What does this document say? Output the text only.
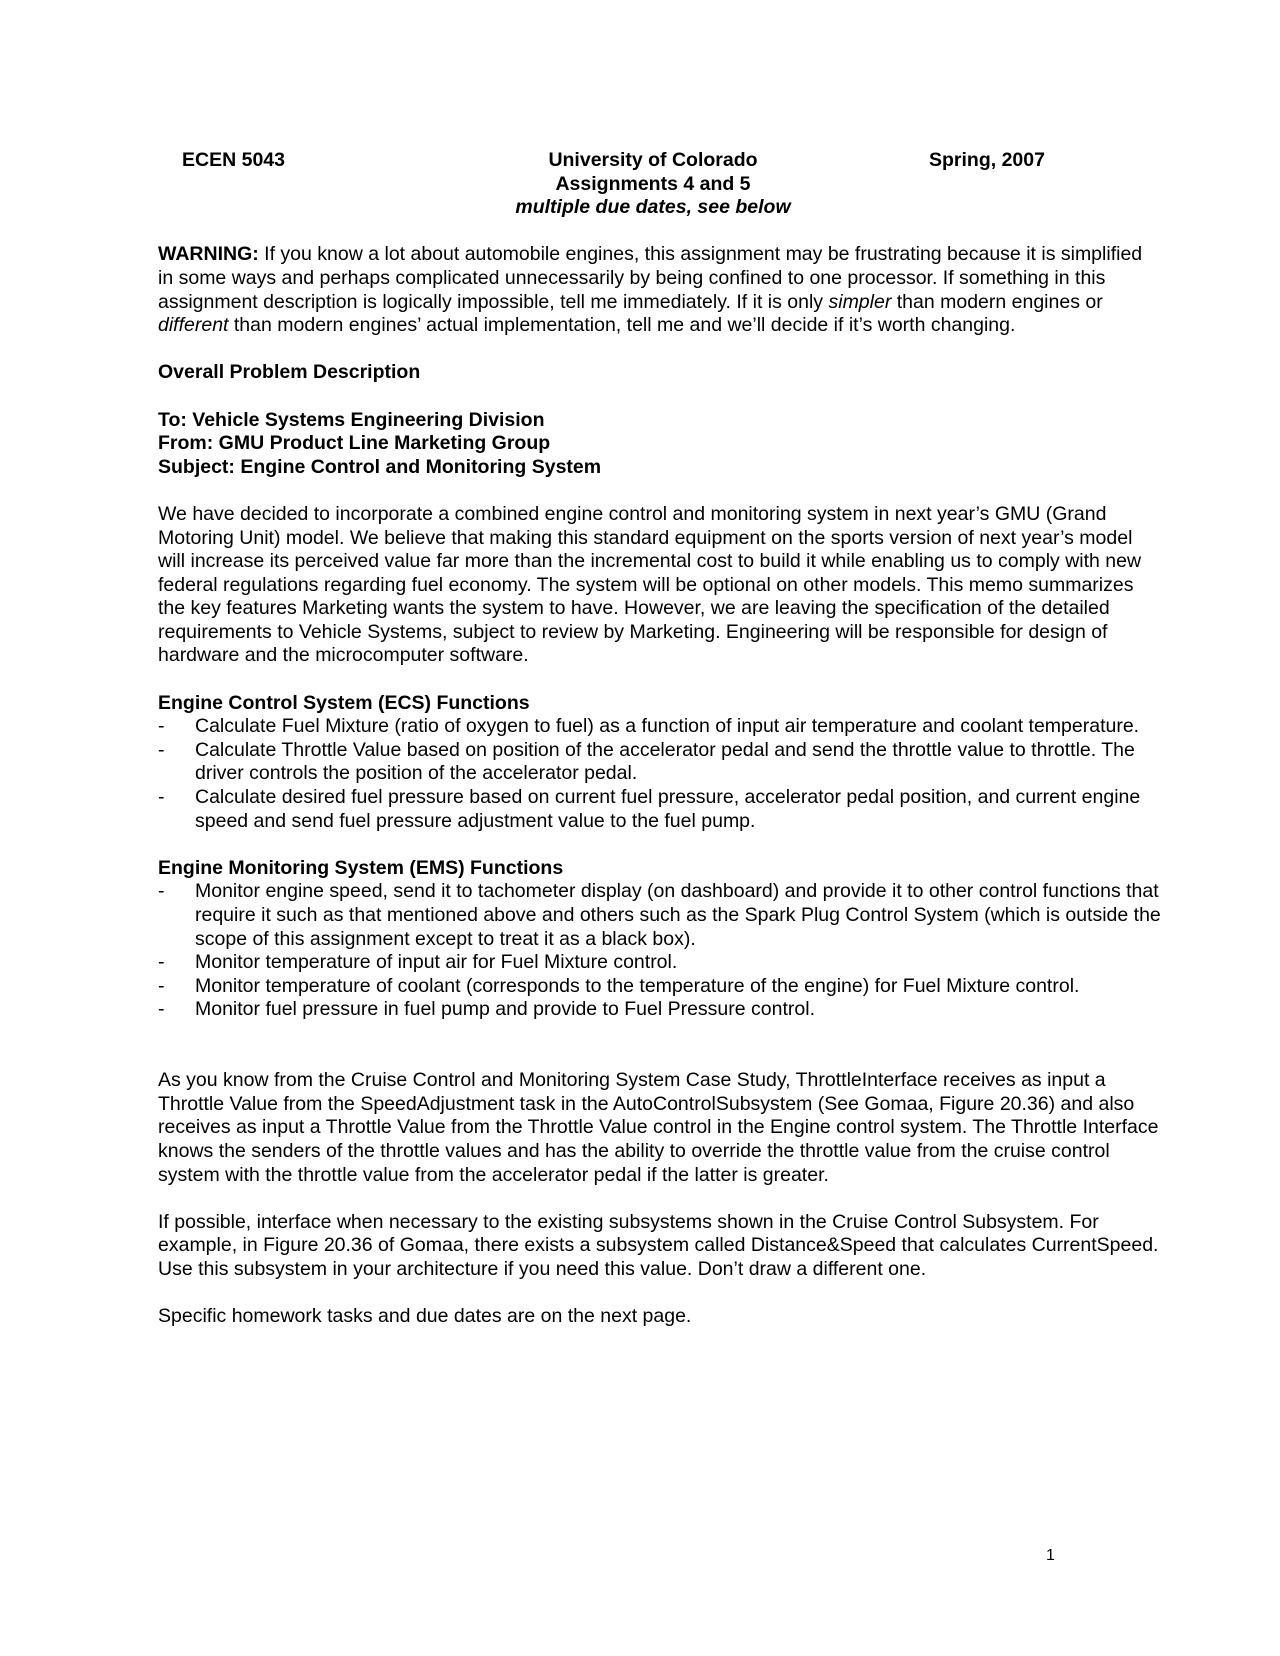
ECEN 5043	University of Colorado	Spring, 2007
Assignments 4 and 5
multiple due dates, see below

WARNING: If you know a lot about automobile engines, this assignment may be frustrating because it is simplified in some ways and perhaps complicated unnecessarily by being confined to one processor. If something in this assignment description is logically impossible, tell me immediately. If it is only simpler than modern engines or different than modern engines’ actual implementation, tell me and we’ll decide if it’s worth changing.

Overall Problem Description

To: Vehicle Systems Engineering Division

From: GMU Product Line Marketing Group

Subject: Engine Control and Monitoring System

We have decided to incorporate a combined engine control and monitoring system in next year’s GMU (Grand Motoring Unit) model. We believe that making this standard equipment on the sports version of next year’s model will increase its perceived value far more than the incremental cost to build it while enabling us to comply with new federal regulations regarding fuel economy. The system will be optional on other models. This memo summarizes the key features Marketing wants the system to have. However, we are leaving the specification of the detailed requirements to Vehicle Systems, subject to review by Marketing. Engineering will be responsible for design of hardware and the microcomputer software.

Engine Control System (ECS) Functions

- Calculate Fuel Mixture (ratio of oxygen to fuel) as a function of input air temperature and coolant temperature.
- Calculate Throttle Value based on position of the accelerator pedal and send the throttle value to throttle. The driver controls the position of the accelerator pedal.
- Calculate desired fuel pressure based on current fuel pressure, accelerator pedal position, and current engine speed and send fuel pressure adjustment value to the fuel pump.

Engine Monitoring System (EMS) Functions

- Monitor engine speed, send it to tachometer display (on dashboard) and provide it to other control functions that require it such as that mentioned above and others such as the Spark Plug Control System (which is outside the scope of this assignment except to treat it as a black box).
- Monitor temperature of input air for Fuel Mixture control.
- Monitor temperature of coolant (corresponds to the temperature of the engine) for Fuel Mixture control.
- Monitor fuel pressure in fuel pump and provide to Fuel Pressure control.

As you know from the Cruise Control and Monitoring System Case Study, ThrottleInterface receives as input a Throttle Value from the SpeedAdjustment task in the AutoControlSubsystem (See Gomaa, Figure 20.36) and also receives as input a Throttle Value from the Throttle Value control in the Engine control system. The Throttle Interface knows the senders of the throttle values and has the ability to override the throttle value from the cruise control system with the throttle value from the accelerator pedal if the latter is greater.

If possible, interface when necessary to the existing subsystems shown in the Cruise Control Subsystem. For example, in Figure 20.36 of Gomaa, there exists a subsystem called Distance&Speed that calculates CurrentSpeed. Use this subsystem in your architecture if you need this value. Don’t draw a different one.

Specific homework tasks and due dates are on the next page.

1
